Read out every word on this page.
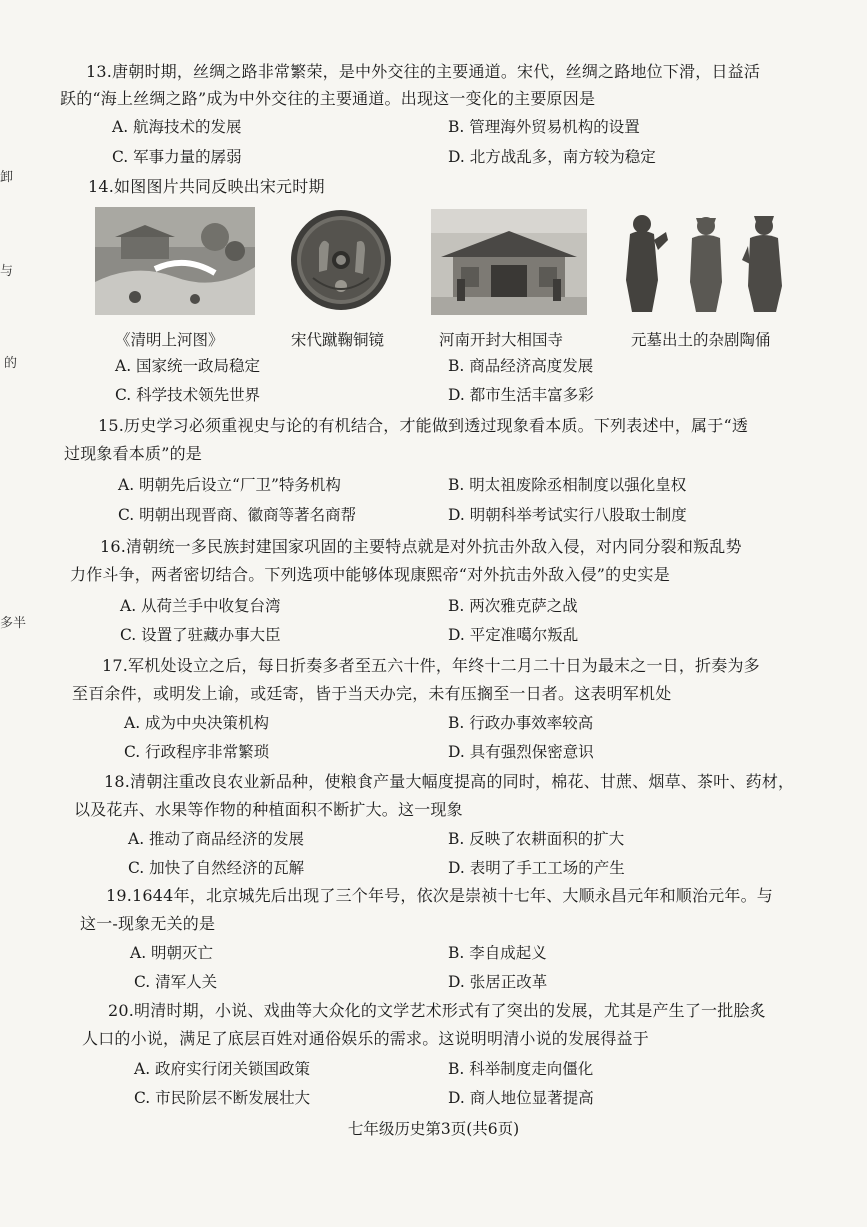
卸
与
的
多半
13.唐朝时期，丝绸之路非常繁荣，是中外交往的主要通道。宋代，丝绸之路地位下滑，日益活
跃的“海上丝绸之路”成为中外交往的主要通道。出现这一变化的主要原因是
A. 航海技术的发展	B. 管理海外贸易机构的设置
C. 军事力量的孱弱	D. 北方战乱多，南方较为稳定
14.如图图片共同反映出宋元时期
《清明上河图》	宋代蹴鞠铜镜	河南开封大相国寺	元墓出土的杂剧陶俑
A. 国家统一政局稳定	B. 商品经济高度发展
C. 科学技术领先世界	D. 都市生活丰富多彩
15.历史学习必须重视史与论的有机结合，才能做到透过现象看本质。下列表述中，属于“透
过现象看本质”的是
A. 明朝先后设立“厂卫”特务机构	B. 明太祖废除丞相制度以强化皇权
C. 明朝出现晋商、徽商等著名商帮	D. 明朝科举考试实行八股取士制度
16.清朝统一多民族封建国家巩固的主要特点就是对外抗击外敌入侵，对内同分裂和叛乱势
力作斗争，两者密切结合。下列选项中能够体现康熙帝“对外抗击外敌入侵”的史实是
A. 从荷兰手中收复台湾	B. 两次雅克萨之战
C. 设置了驻藏办事大臣	D. 平定准噶尔叛乱
17.军机处设立之后，每日折奏多者至五六十件，年终十二月二十日为最末之一日，折奏为多
至百余件，或明发上谕，或廷寄，皆于当天办完，未有压搁至一日者。这表明军机处
A. 成为中央决策机构	B. 行政办事效率较高
C. 行政程序非常繁琐	D. 具有强烈保密意识
18.清朝注重改良农业新品种，使粮食产量大幅度提高的同时，棉花、甘蔗、烟草、茶叶、药材，
以及花卉、水果等作物的种植面积不断扩大。这一现象
A. 推动了商品经济的发展	B. 反映了农耕面积的扩大
C. 加快了自然经济的瓦解	D. 表明了手工工场的产生
19.1644年，北京城先后出现了三个年号，依次是崇祯十七年、大顺永昌元年和顺治元年。与
这一-现象无关的是
A. 明朝灭亡	B. 李自成起义
C. 清军人关	D. 张居正改革
20.明清时期，小说、戏曲等大众化的文学艺术形式有了突出的发展，尤其是产生了一批脍炙
人口的小说，满足了底层百姓对通俗娱乐的需求。这说明明清小说的发展得益于
A. 政府实行闭关锁国政策	B. 科举制度走向僵化
C. 市民阶层不断发展壮大	D. 商人地位显著提高
七年级历史第3页(共6页)
